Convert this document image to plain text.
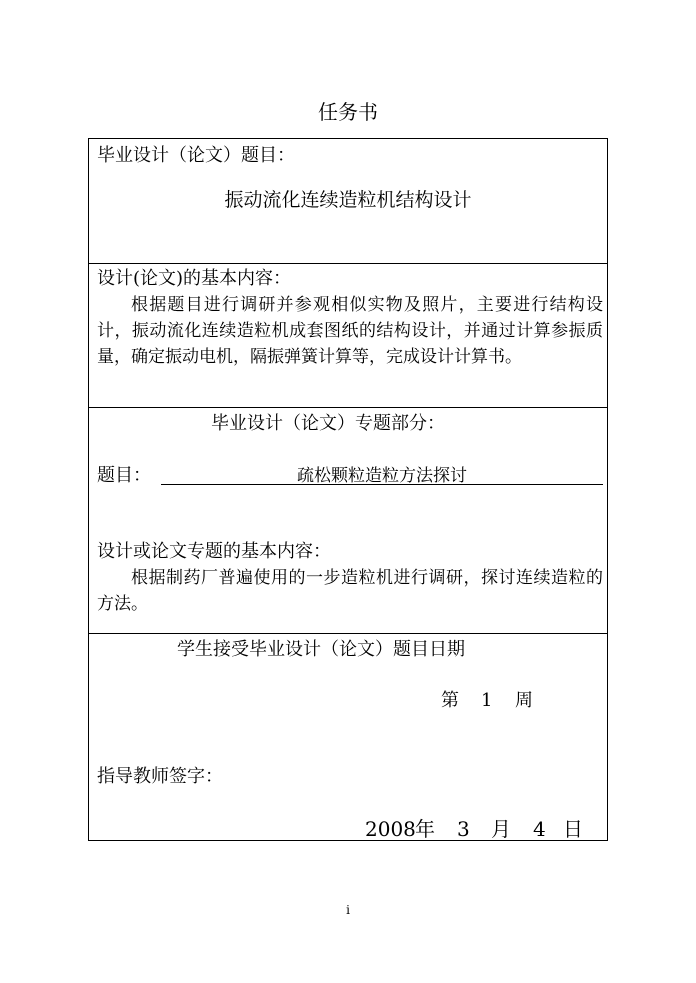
任务书
毕业设计（论文）题目：
振动流化连续造粒机结构设计
设计(论文)的基本内容：
根据题目进行调研并参观相似实物及照片，主要进行结构设计，振动流化连续造粒机成套图纸的结构设计，并通过计算参振质量，确定振动电机，隔振弹簧计算等，完成设计计算书。
毕业设计（论文）专题部分：
题目：	疏松颗粒造粒方法探讨
设计或论文专题的基本内容：
根据制药厂普遍使用的一步造粒机进行调研，探讨连续造粒的方法。
学生接受毕业设计（论文）题目日期
第 1 周
指导教师签字：
2008 年 3 月 4 日
i
